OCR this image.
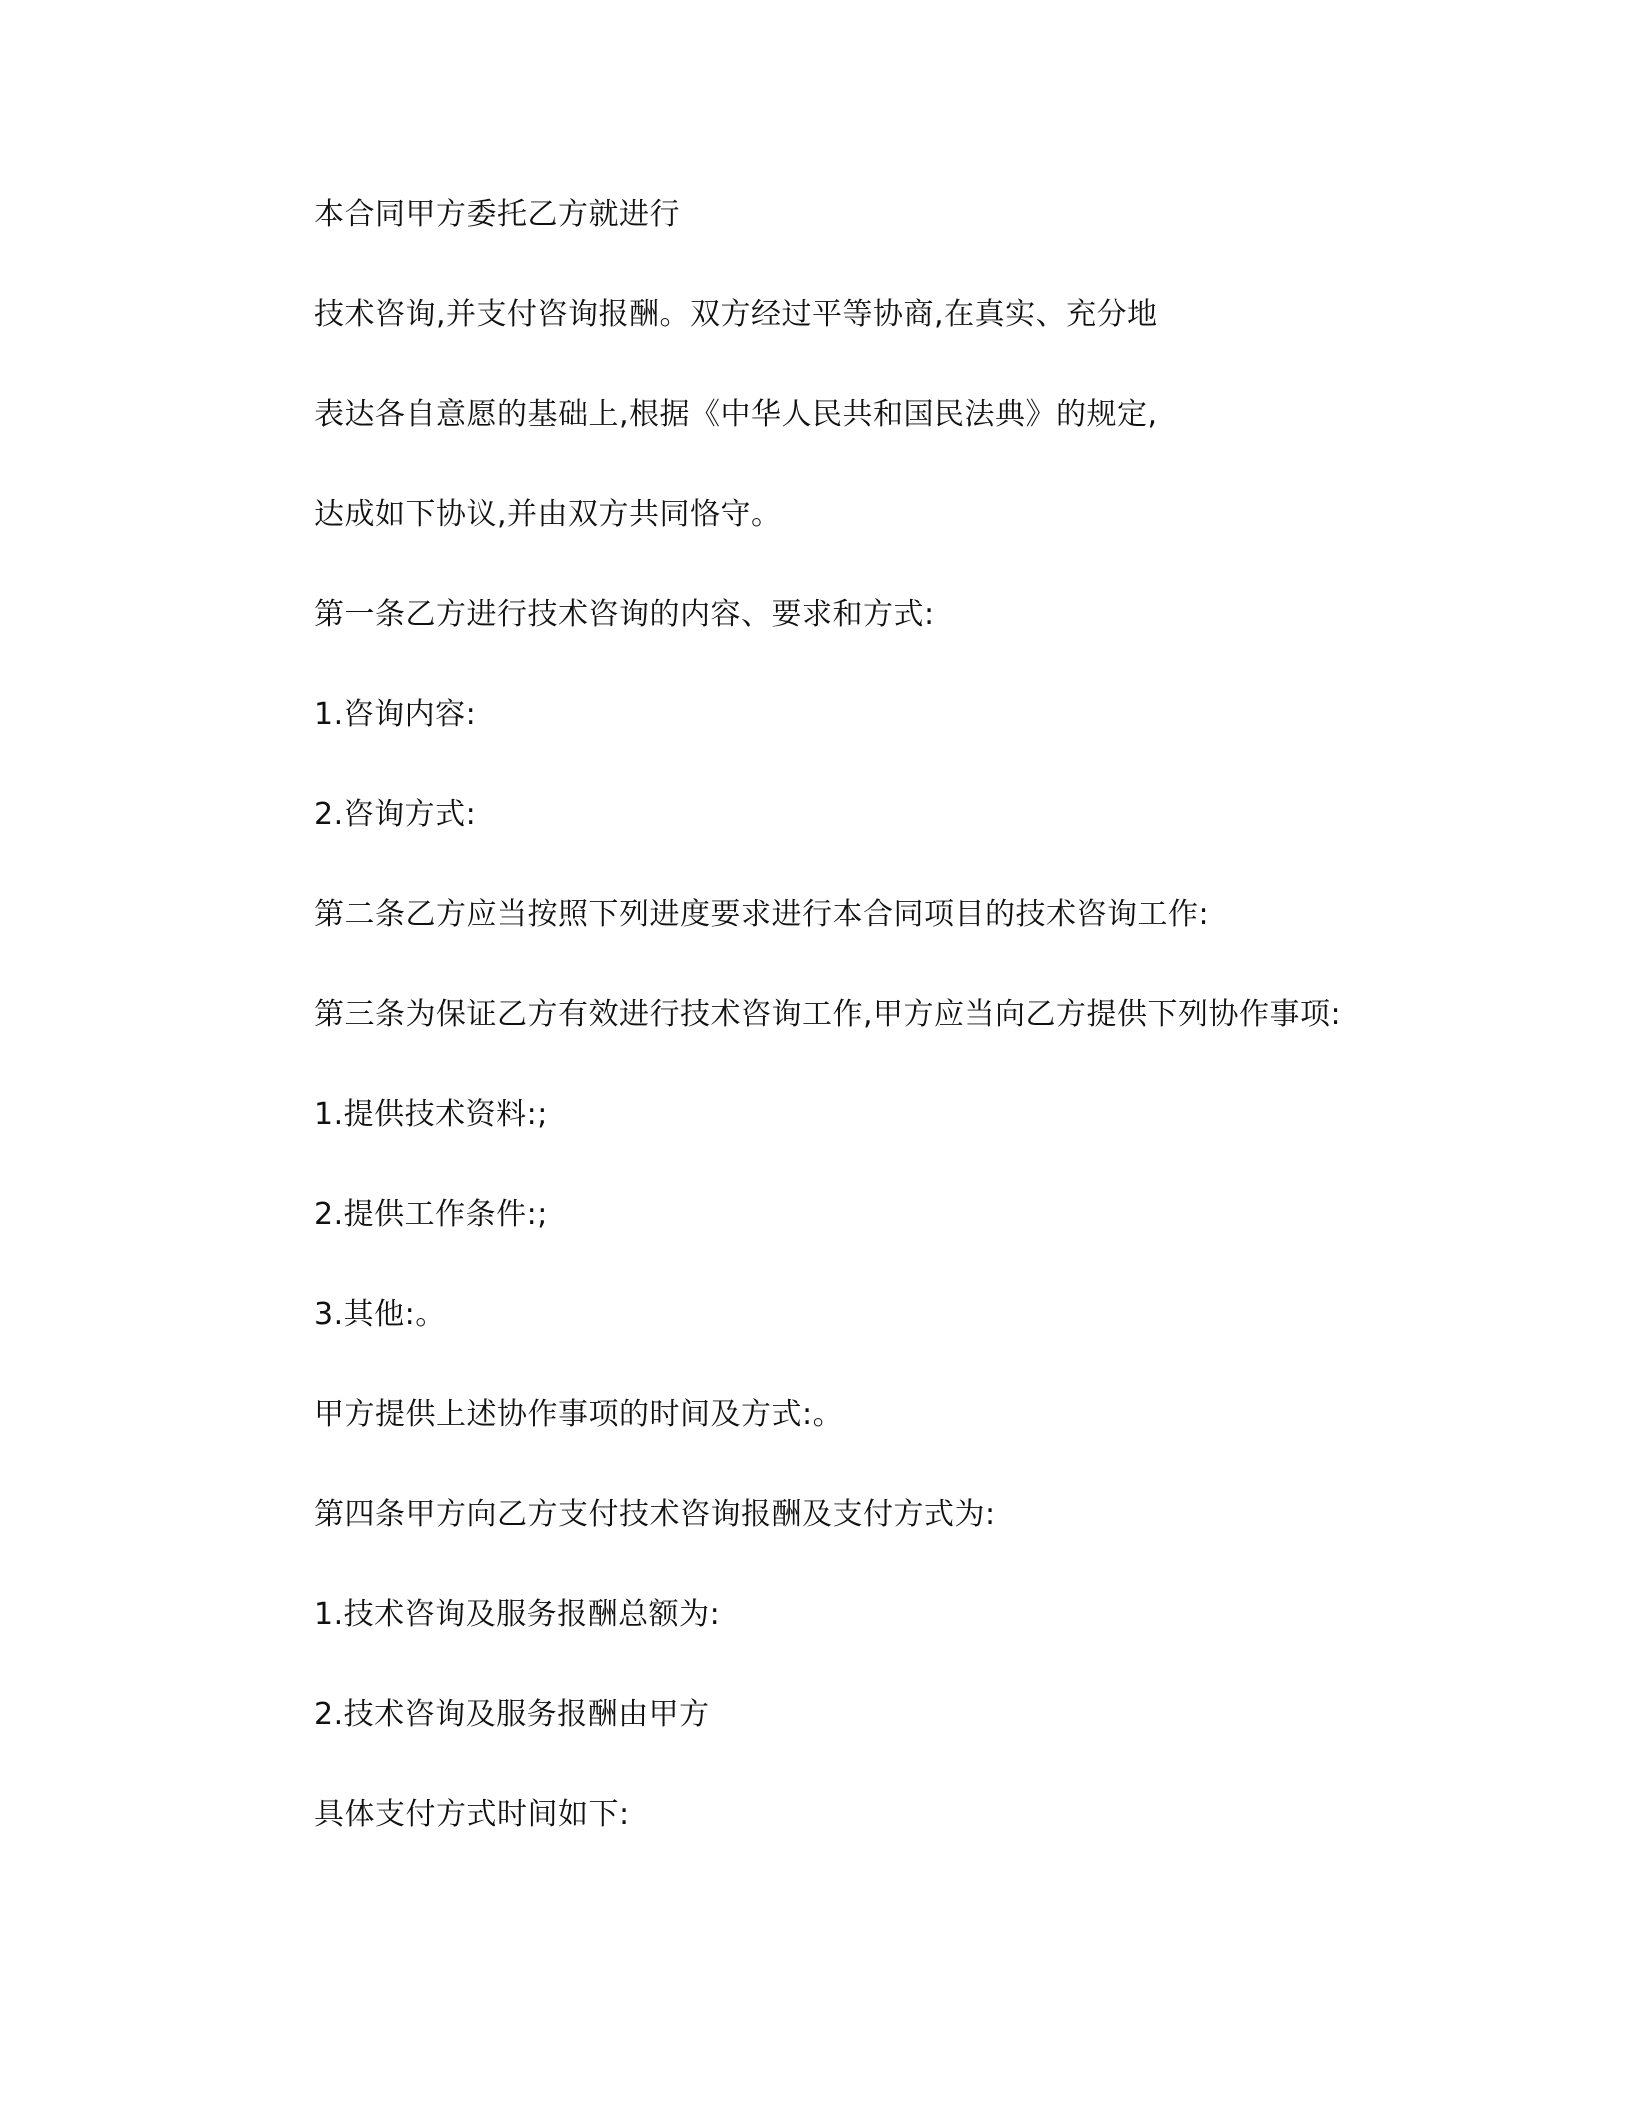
本合同甲方委托乙方就进行
技术咨询,并支付咨询报酬。双方经过平等协商,在真实、充分地
表达各自意愿的基础上,根据《中华人民共和国民法典》的规定,
达成如下协议,并由双方共同恪守。
第一条乙方进行技术咨询的内容、要求和方式:
1.咨询内容:
2.咨询方式:
第二条乙方应当按照下列进度要求进行本合同项目的技术咨询工作:
第三条为保证乙方有效进行技术咨询工作,甲方应当向乙方提供下列协作事项:
1.提供技术资料:;
2.提供工作条件:;
3.其他:。
甲方提供上述协作事项的时间及方式:。
第四条甲方向乙方支付技术咨询报酬及支付方式为:
1.技术咨询及服务报酬总额为:
2.技术咨询及服务报酬由甲方
具体支付方式时间如下:
